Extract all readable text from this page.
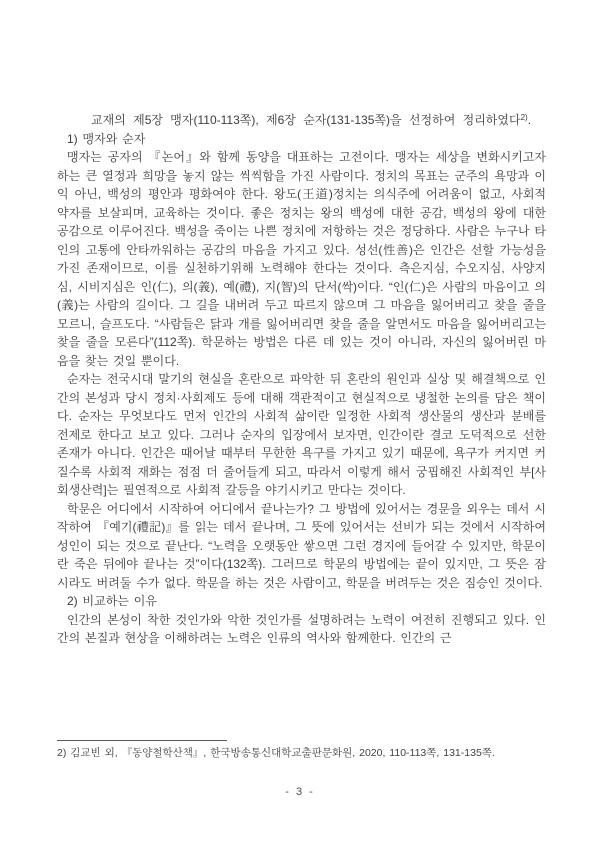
교재의 제5장 맹자(110-113쪽), 제6장 순자(131-135쪽)을 선정하여 정리하였다$^{2)}$.

1) 맹자와 순자

맹자는 공자의 『논어』와 함께 동양을 대표하는 고전이다. 맹자는 세상을 변화시키고자 하는 큰 열정과 희망을 놓지 않는 씩씩함을 가진 사람이다. 정치의 목표는 군주의 욕망과 이익 아닌, 백성의 평안과 평화여야 한다. 왕도(王道)정치는 의식주에 어려움이 없고, 사회적 약자를 보살피며, 교육하는 것이다. 좋은 정치는 왕의 백성에 대한 공감, 백성의 왕에 대한 공감으로 이루어진다. 백성을 죽이는 나쁜 정치에 저항하는 것은 정당하다. 사람은 누구나 타인의 고통에 안타까워하는 공감의 마음을 가지고 있다. 성선(性善)은 인간은 선할 가능성을 가진 존재이므로, 이를 실천하기위해 노력해야 한다는 것이다. 측은지심, 수오지심, 사양지심, 시비지심은 인(仁), 의(義), 예(禮), 지(智)의 단서(싹)이다. “인(仁)은 사람의 마음이고 의(義)는 사람의 길이다. 그 길을 내버려 두고 따르지 않으며 그 마음을 잃어버리고 찾을 줄을 모르니, 슬프도다. “사람들은 닭과 개를 잃어버리면 찾을 줄을 알면서도 마음을 잃어버리고는 찾을 줄을 모른다”(112쪽). 학문하는 방법은 다른 데 있는 것이 아니라, 자신의 잃어버린 마음을 찾는 것일 뿐이다.

순자는 전국시대 말기의 현실을 혼란으로 파악한 뒤 혼란의 원인과 실상 및 해결책으로 인간의 본성과 당시 정치·사회제도 등에 대해 객관적이고 현실적으로 냉철한 논의를 담은 책이다. 순자는 무엇보다도 먼저 인간의 사회적 삶이란 일정한 사회적 생산물의 생산과 분배를 전제로 한다고 보고 있다. 그러나 순자의 입장에서 보자면, 인간이란 결코 도덕적으로 선한 존재가 아니다. 인간은 때어날 때부터 무한한 욕구를 가지고 있기 때문에, 욕구가 커지면 커질수록 사회적 재화는 점점 더 줄어들게 되고, 따라서 이렇게 해서 궁핍해진 사회적인 부[사회생산력]는 필연적으로 사회적 갈등을 야기시키고 만다는 것이다.

학문은 어디에서 시작하여 어디에서 끝나는가? 그 방법에 있어서는 경문을 외우는 데서 시작하여 『예기(禮記)』를 읽는 데서 끝나며, 그 뜻에 있어서는 선비가 되는 것에서 시작하여 성인이 되는 것으로 끝난다. “노력을 오랫동안 쌓으면 그런 경지에 들어갈 수 있지만, 학문이란 죽은 뒤에야 끝나는 것”이다(132쪽). 그러므로 학문의 방법에는 끝이 있지만, 그 뜻은 잠시라도 버려둘 수가 없다. 학문을 하는 것은 사람이고, 학문을 버려두는 것은 짐승인 것이다.

2) 비교하는 이유

인간의 본성이 착한 것인가와 악한 것인가를 설명하려는 노력이 여전히 진행되고 있다. 인간의 본질과 현상을 이해하려는 노력은 인류의 역사와 함께한다. 인간의 근

2) 김교빈 외, 『동양철학산책』, 한국방송통신대학교출판문화원, 2020, 110-113쪽, 131-135쪽.
- 3 -
